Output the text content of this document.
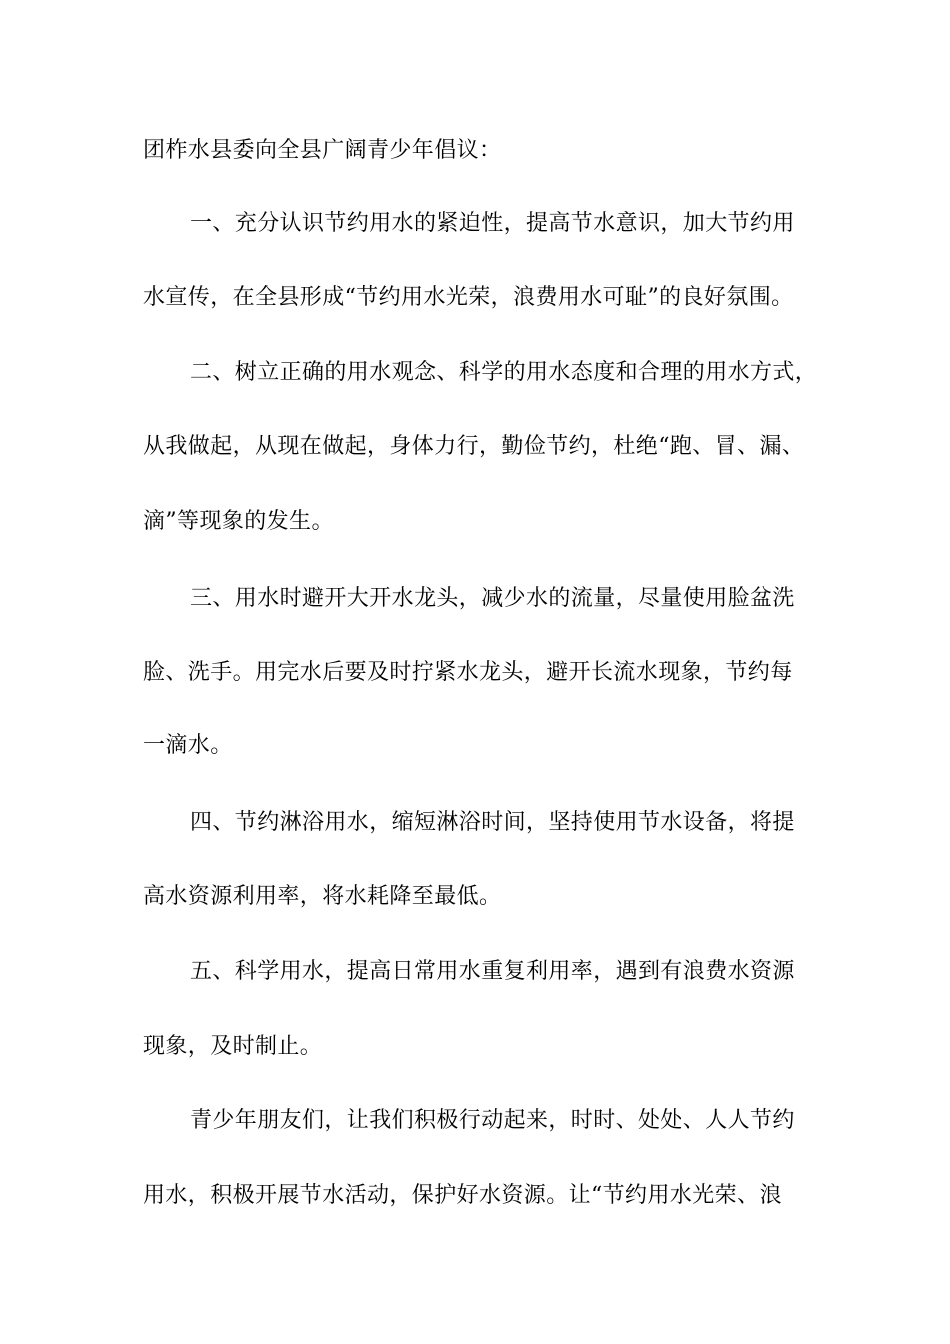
团柞水县委向全县广阔青少年倡议：
一、充分认识节约用水的紧迫性，提高节水意识，加大节约用
水宣传，在全县形成“节约用水光荣，浪费用水可耻”的良好氛围。
二、树立正确的用水观念、科学的用水态度和合理的用水方式，
从我做起，从现在做起，身体力行，勤俭节约，杜绝“跑、冒、漏、
滴”等现象的发生。
三、用水时避开大开水龙头，减少水的流量，尽量使用脸盆洗
脸、洗手。用完水后要及时拧紧水龙头，避开长流水现象，节约每
一滴水。
四、节约淋浴用水，缩短淋浴时间，坚持使用节水设备，将提
高水资源利用率，将水耗降至最低。
五、科学用水，提高日常用水重复利用率，遇到有浪费水资源
现象，及时制止。
青少年朋友们，让我们积极行动起来，时时、处处、人人节约
用水，积极开展节水活动，保护好水资源。让“节约用水光荣、浪
